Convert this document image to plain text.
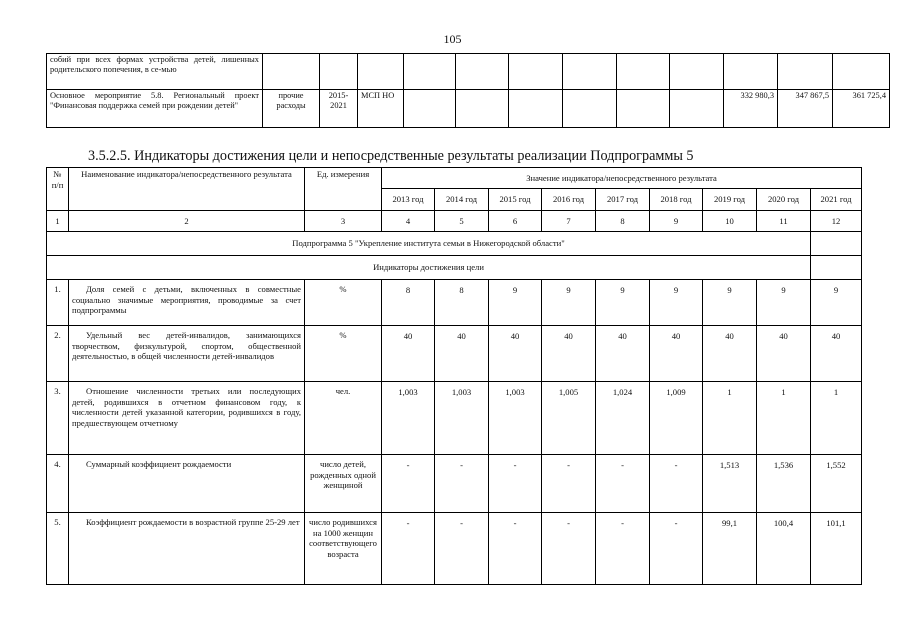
105
собий при всех формах устройства детей, лишенных родительского попечения, в се-мью													
Основное мероприятие 5.8. Региональный проект "Финансовая поддержка семей при рождении детей"	прочие расходы	2015-2021	МСП НО							332 980,3	347 867,5	361 725,4	
3.5.2.5. Индикаторы достижения цели и непосредственные результаты реализации Подпрограммы 5
№ п/п	Наименование индикатора/непосредственного результата	Ед. измерения	Значение индикатора/непосредственного результата								
			2013 год	2014 год	2015 год	2016 год	2017 год	2018 год	2019 год	2020 год	2021 год
1	2	3	4	5	6	7	8	9	10	11	12
Подпрограмма 5 "Укрепление института семьи в Нижегородской области"											
Индикаторы достижения цели											
1.	Доля семей с детьми, включенных в совместные социально значимые мероприятия, проводимые за счет подпрограммы	%	8	8	9	9	9	9	9	9	9
2.	Удельный вес детей-инвалидов, занимающихся творчеством, физкультурой, спортом, общественной деятельностью, в общей численности детей-инвалидов	%	40	40	40	40	40	40	40	40	40
3.	Отношение численности третьих или последующих детей, родившихся в отчетном финансовом году, к численности детей указанной категории, родившихся в году, предшествующем отчетному	чел.	1,003	1,003	1,003	1,005	1,024	1,009	1	1	1
4.	Суммарный коэффициент рождаемости	число детей, рожденных одной женщиной	-	-	-	-	-	-	1,513	1,536	1,552
5.	Коэффициент рождаемости в возрастной группе 25-29 лет	число родившихся на 1000 женщин соответствующего возраста	-	-	-	-	-	-	99,1	100,4	101,1
